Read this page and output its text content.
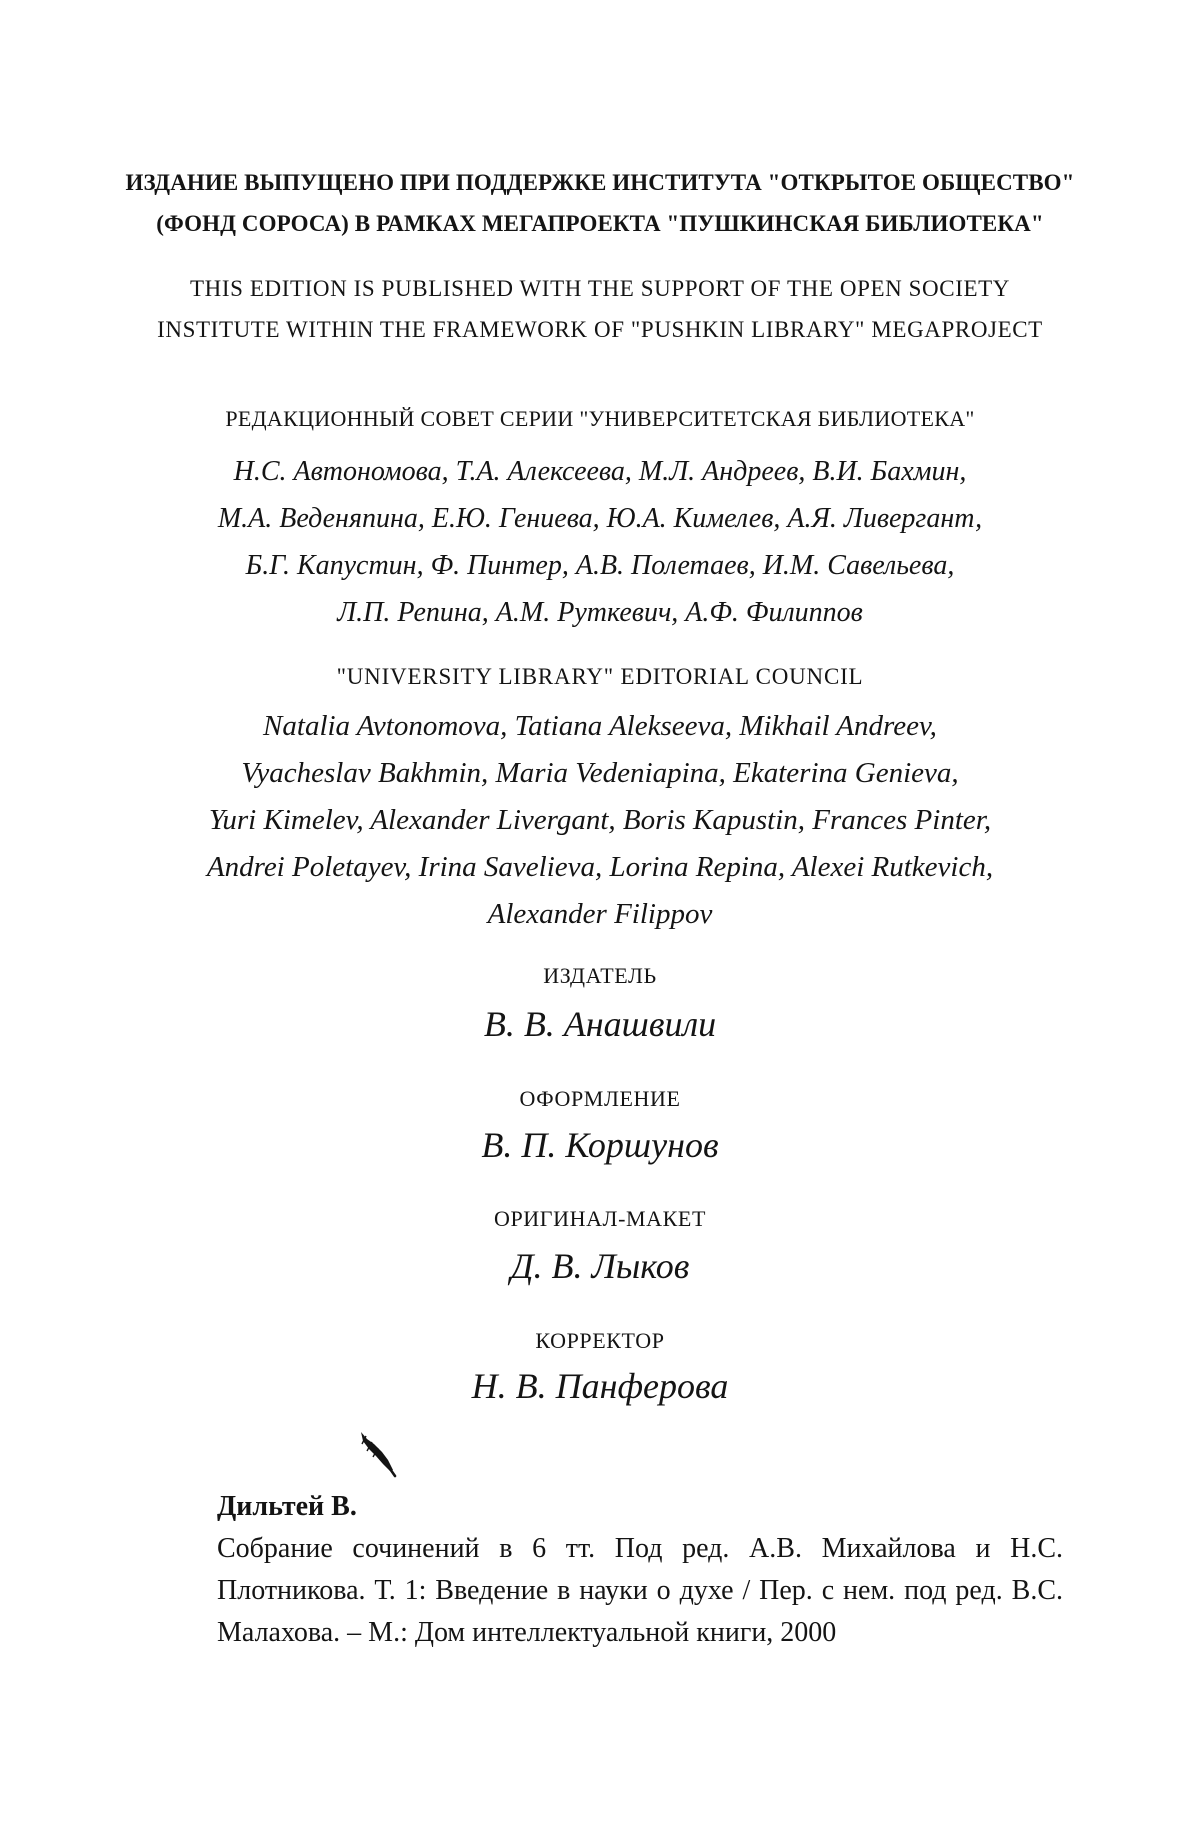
ИЗДАНИЕ ВЫПУЩЕНО ПРИ ПОДДЕРЖКЕ ИНСТИТУТА "ОТКРЫТОЕ ОБЩЕСТВО"
(ФОНД СОРОСА) В РАМКАХ МЕГАПРОЕКТА "ПУШКИНСКАЯ БИБЛИОТЕКА"
THIS EDITION IS PUBLISHED WITH THE SUPPORT OF THE OPEN SOCIETY
INSTITUTE WITHIN THE FRAMEWORK OF "PUSHKIN LIBRARY" MEGAPROJECT
РЕДАКЦИОННЫЙ СОВЕТ СЕРИИ "УНИВЕРСИТЕТСКАЯ БИБЛИОТЕКА"
Н.С. Автономова, Т.А. Алексеева, М.Л. Андреев, В.И. Бахмин,
М.А. Веденяпина, Е.Ю. Гениева, Ю.А. Кимелев, А.Я. Ливергант,
Б.Г. Капустин, Ф. Пинтер, А.В. Полетаев, И.М. Савельева,
Л.П. Репина, А.М. Руткевич, А.Ф. Филиппов
"UNIVERSITY LIBRARY" EDITORIAL COUNCIL
Natalia Avtonomova, Tatiana Alekseeva, Mikhail Andreev,
Vyacheslav Bakhmin, Maria Vedeniapina, Ekaterina Genieva,
Yuri Kimelev, Alexander Livergant, Boris Kapustin, Frances Pinter,
Andrei Poletayev, Irina Savelieva, Lorina Repina, Alexei Rutkevich,
Alexander Filippov
ИЗДАТЕЛЬ
В. В. Анашвили
ОФОРМЛЕНИЕ
В. П. Коршунов
ОРИГИНАЛ-МАКЕТ
Д. В. Лыков
КОРРЕКТОР
Н. В. Панферова
Дильтей В.
Собрание сочинений в 6 тт. Под ред. А.В. Михайлова и Н.С. Плотникова. Т. 1: Введение в науки о духе / Пер. с нем. под ред. В.С. Малахова. – М.: Дом интеллектуальной книги, 2000
